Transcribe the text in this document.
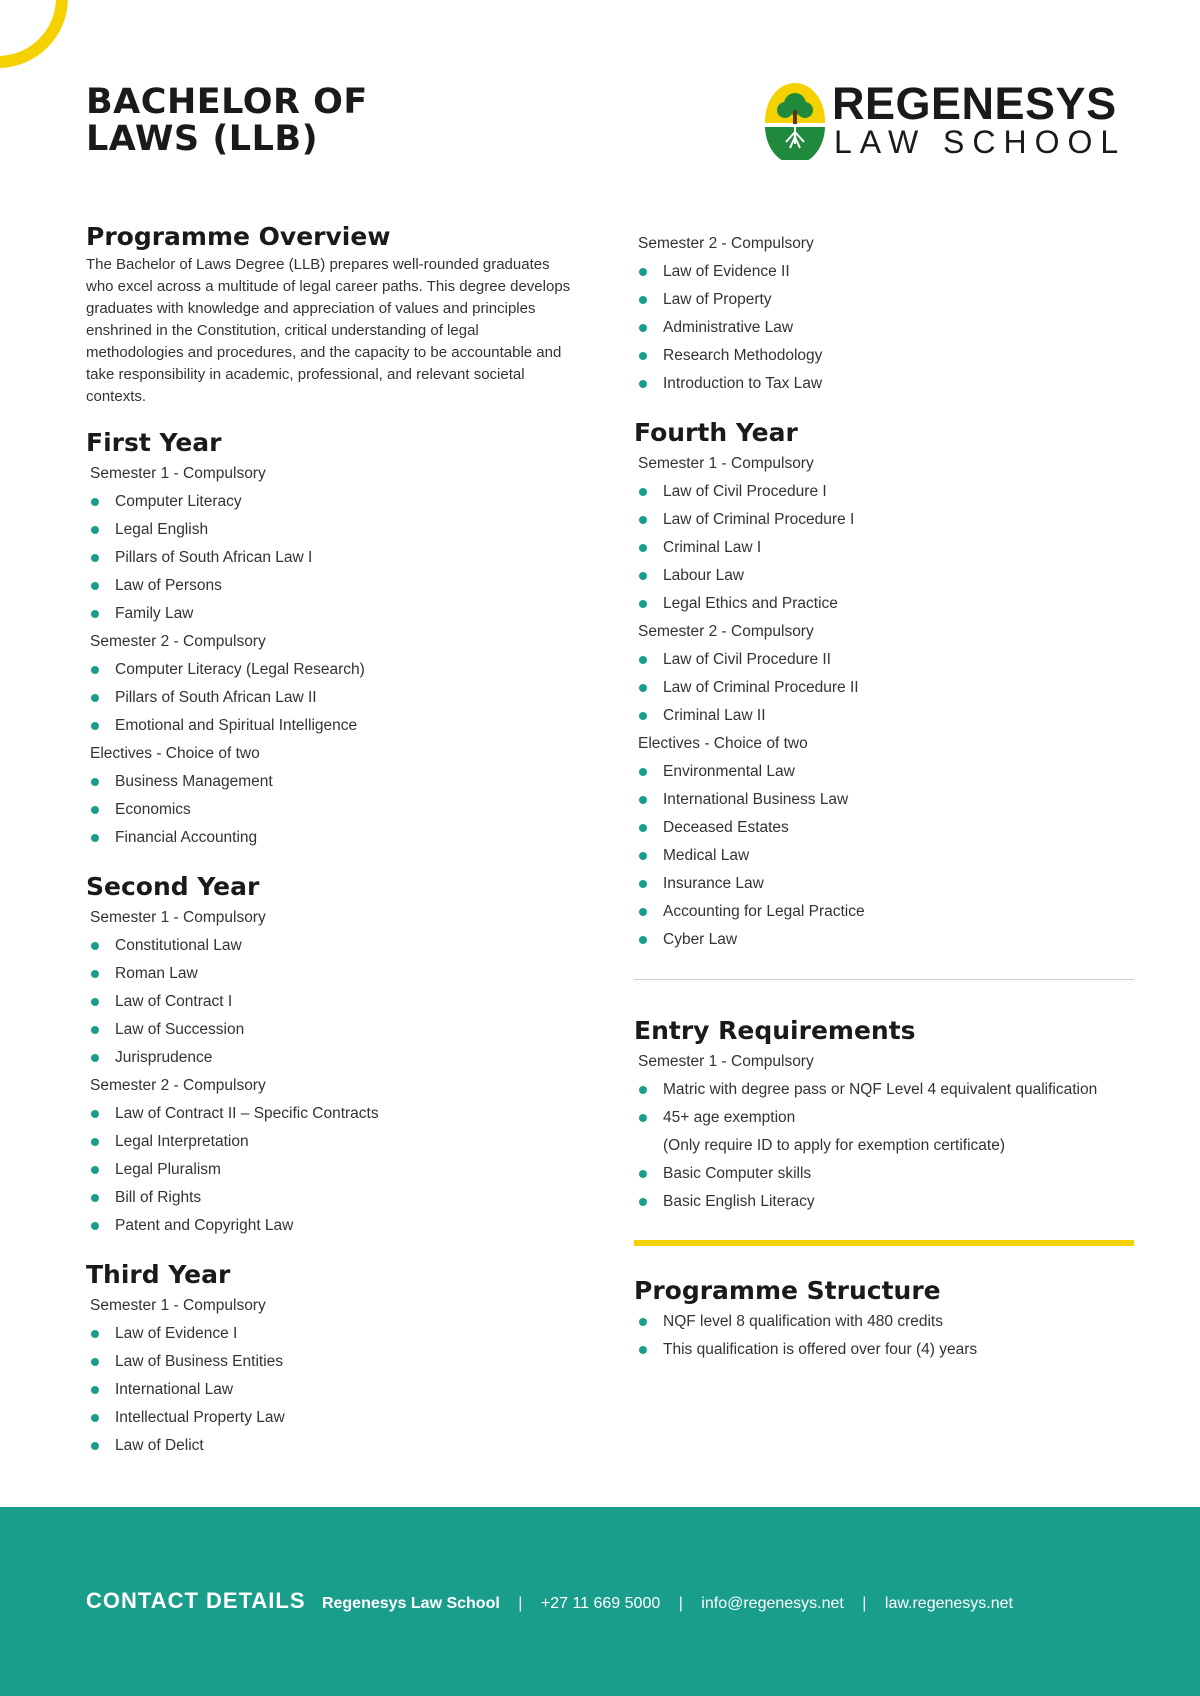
BACHELOR OF
LAWS (LLB)
REGENESYS
LAW SCHOOL
Programme Overview

The Bachelor of Laws Degree (LLB) prepares well-rounded graduates who excel across a multitude of legal career paths. This degree develops graduates with knowledge and appreciation of values and principles enshrined in the Constitution, critical understanding of legal methodologies and procedures, and the capacity to be accountable and take responsibility in academic, professional, and relevant societal contexts.

First Year
Semester 1 - Compulsory
Computer Literacy
Legal English
Pillars of South African Law I
Law of Persons
Family Law
Semester 2 - Compulsory
Computer Literacy (Legal Research)
Pillars of South African Law II
Emotional and Spiritual Intelligence
Electives - Choice of two
Business Management
Economics
Financial Accounting
Second Year
Semester 1 - Compulsory
Constitutional Law
Roman Law
Law of Contract I
Law of Succession
Jurisprudence
Semester 2 - Compulsory
Law of Contract II – Specific Contracts
Legal Interpretation
Legal Pluralism
Bill of Rights
Patent and Copyright Law
Third Year
Semester 1 - Compulsory
Law of Evidence I
Law of Business Entities
International Law
Intellectual Property Law
Law of Delict
Semester 2 - Compulsory
Law of Evidence II
Law of Property
Administrative Law
Research Methodology
Introduction to Tax Law
Fourth Year
Semester 1 - Compulsory
Law of Civil Procedure I
Law of Criminal Procedure I
Criminal Law I
Labour Law
Legal Ethics and Practice
Semester 2 - Compulsory
Law of Civil Procedure II
Law of Criminal Procedure II
Criminal Law II
Electives - Choice of two
Environmental Law
International Business Law
Deceased Estates
Medical Law
Insurance Law
Accounting for Legal Practice
Cyber Law
Entry Requirements
Semester 1 - Compulsory
Matric with degree pass or NQF Level 4 equivalent qualification
45+ age exemption
(Only require ID to apply for exemption certificate)
Basic Computer skills
Basic English Literacy
Programme Structure
NQF level 8 qualification with 480 credits
This qualification is offered over four (4) years
CONTACT DETAILS Regenesys Law School | +27 11 669 5000 | info@regenesys.net | law.regenesys.net
